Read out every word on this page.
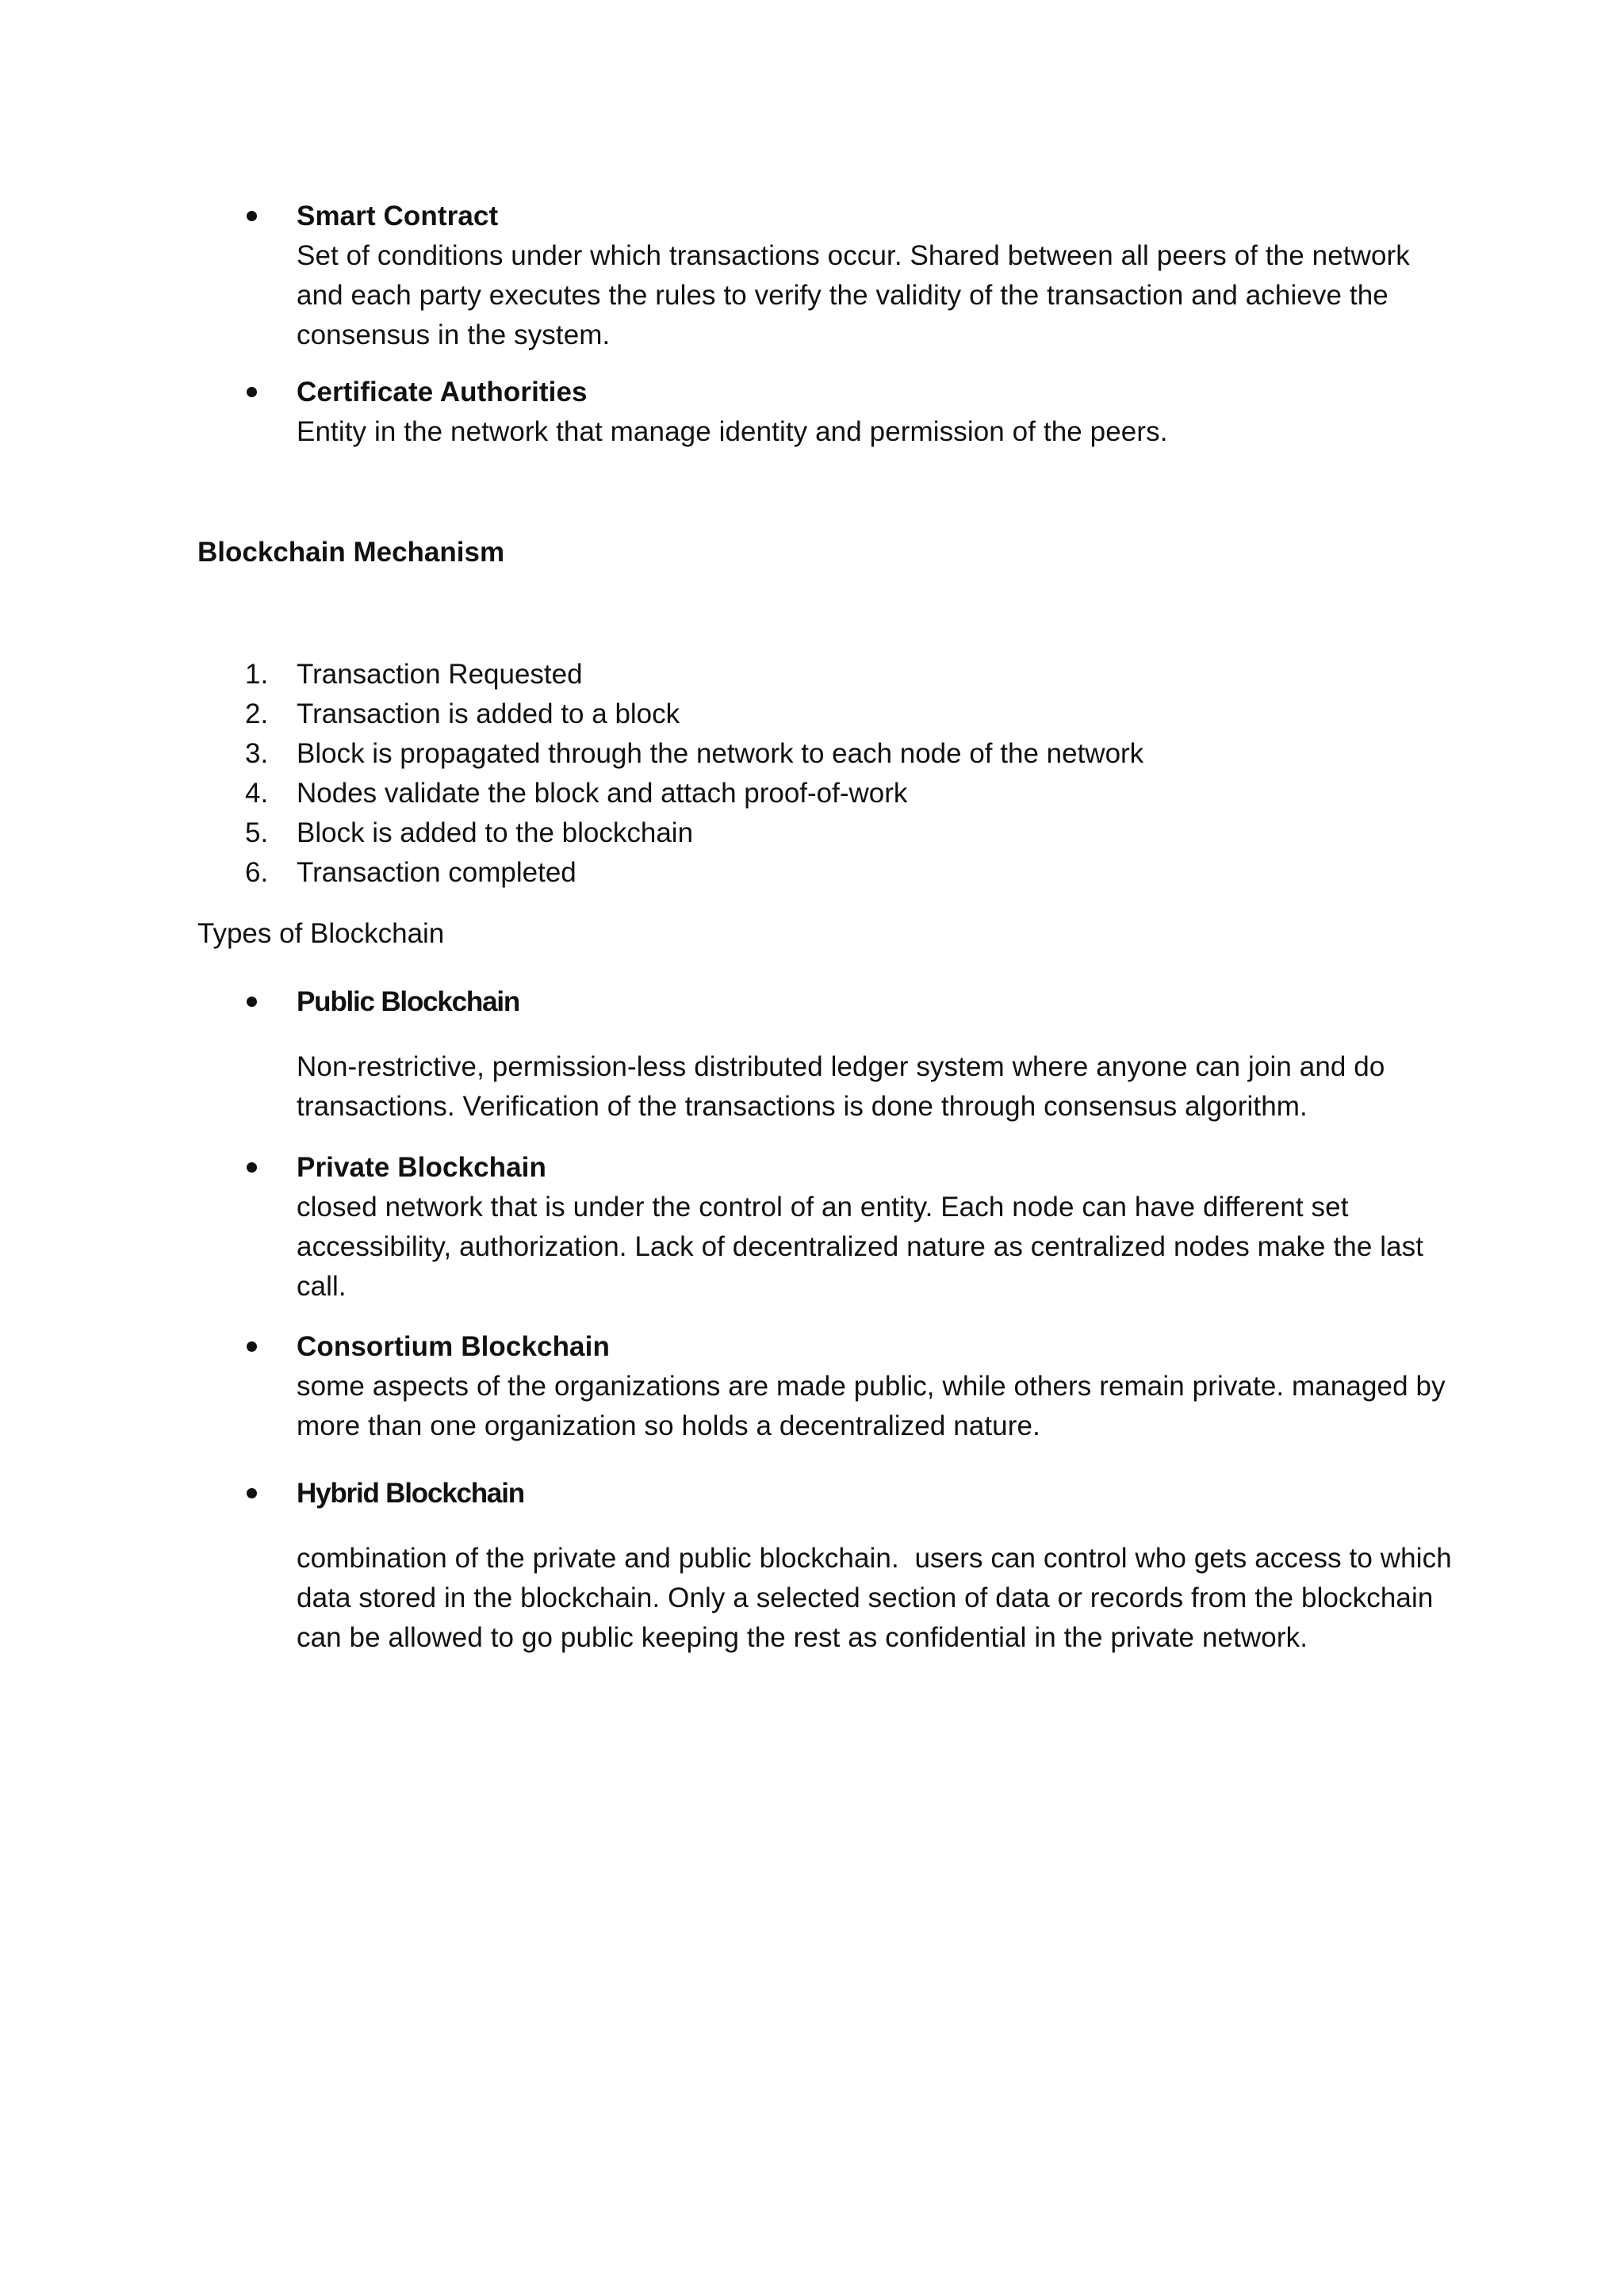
Smart Contract
Set of conditions under which transactions occur. Shared between all peers of the network and each party executes the rules to verify the validity of the transaction and achieve the consensus in the system.
Certificate Authorities
Entity in the network that manage identity and permission of the peers.
Blockchain Mechanism
1. Transaction Requested
2. Transaction is added to a block
3. Block is propagated through the network to each node of the network
4. Nodes validate the block and attach proof-of-work
5. Block is added to the blockchain
6. Transaction completed
Types of Blockchain
Public Blockchain
Non-restrictive, permission-less distributed ledger system where anyone can join and do transactions. Verification of the transactions is done through consensus algorithm.
Private Blockchain
closed network that is under the control of an entity. Each node can have different set accessibility, authorization. Lack of decentralized nature as centralized nodes make the last call.
Consortium Blockchain
some aspects of the organizations are made public, while others remain private. managed by more than one organization so holds a decentralized nature.
Hybrid Blockchain
combination of the private and public blockchain.  users can control who gets access to which data stored in the blockchain. Only a selected section of data or records from the blockchain can be allowed to go public keeping the rest as confidential in the private network.
